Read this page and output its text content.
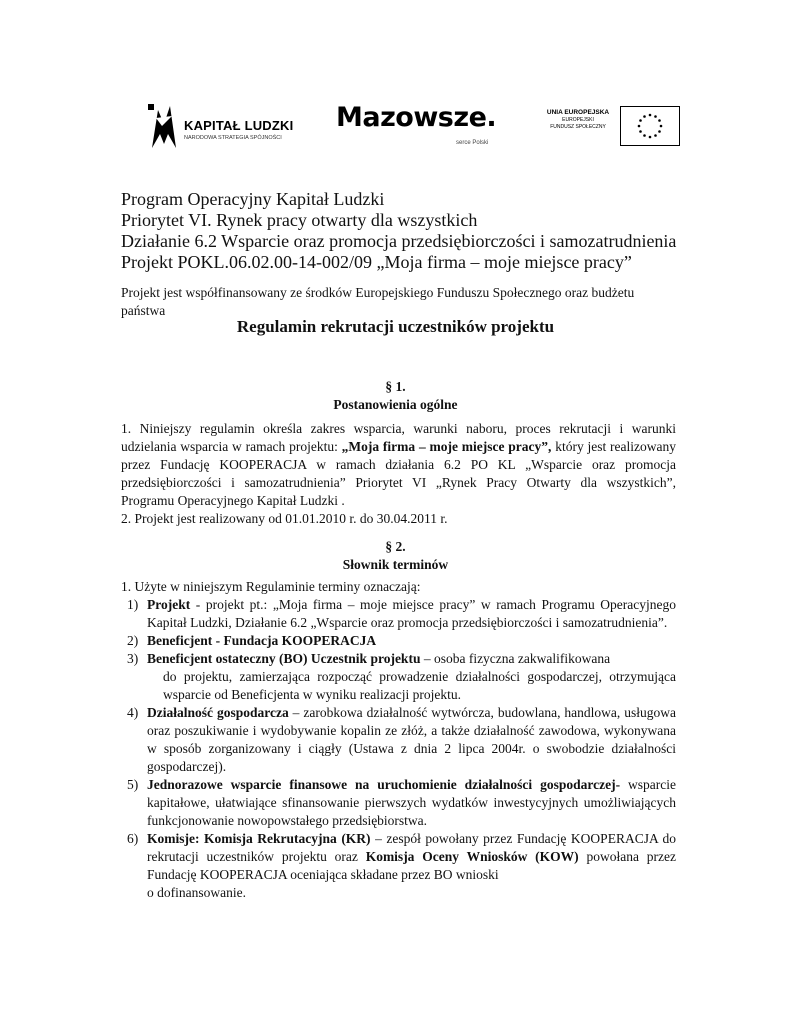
KAPITAŁ LUDZKI
NARODOWA STRATEGIA SPÓJNOŚCI
Mazowsze.
serce Polski
UNIA EUROPEJSKA
EUROPEJSKI
FUNDUSZ SPOŁECZNY
Program Operacyjny Kapitał Ludzki
Priorytet VI. Rynek pracy otwarty dla wszystkich
Działanie 6.2 Wsparcie oraz promocja przedsiębiorczości i samozatrudnienia
Projekt POKL.06.02.00-14-002/09 „Moja firma – moje miejsce pracy”
Projekt jest współfinansowany ze środków Europejskiego Funduszu Społecznego oraz budżetu państwa
Regulamin rekrutacji uczestników projektu
§ 1.
Postanowienia ogólne

1. Niniejszy regulamin określa zakres wsparcia, warunki naboru, proces rekrutacji i warunki udzielania wsparcia w ramach projektu: „Moja firma – moje miejsce pracy”, który jest realizowany przez Fundację KOOPERACJA w ramach działania 6.2 PO KL „Wsparcie oraz promocja przedsiębiorczości i samozatrudnienia” Priorytet VI „Rynek Pracy Otwarty dla wszystkich”, Programu Operacyjnego Kapitał Ludzki .

2. Projekt jest realizowany od 01.01.2010 r. do 30.04.2011 r.

§ 2.
Słownik terminów

1. Użyte w niniejszym Regulaminie terminy oznaczają:

1) Projekt - projekt pt.: „Moja firma – moje miejsce pracy” w ramach Programu Operacyjnego Kapitał Ludzki, Działanie 6.2 „Wsparcie oraz promocja przedsiębiorczości i samozatrudnienia”.
2) Beneficjent - Fundacja KOOPERACJA
3) Beneficjent ostateczny (BO) Uczestnik projektu – osoba fizyczna zakwalifikowana
do projektu, zamierzająca rozpocząć prowadzenie działalności gospodarczej, otrzymująca wsparcie od Beneficjenta w wyniku realizacji projektu.
4) Działalność gospodarcza – zarobkowa działalność wytwórcza, budowlana, handlowa, usługowa oraz poszukiwanie i wydobywanie kopalin ze złóż, a także działalność zawodowa, wykonywana w sposób zorganizowany i ciągły (Ustawa z dnia 2 lipca 2004r. o swobodzie działalności gospodarczej).
5) Jednorazowe wsparcie finansowe na uruchomienie działalności gospodarczej- wsparcie kapitałowe, ułatwiające sfinansowanie pierwszych wydatków inwestycyjnych umożliwiających funkcjonowanie nowopowstałego przedsiębiorstwa.
6) Komisje: Komisja Rekrutacyjna (KR) – zespół powołany przez Fundację KOOPERACJA do rekrutacji uczestników projektu oraz Komisja Oceny Wniosków (KOW) powołana przez Fundację KOOPERACJA oceniająca składane przez BO wnioski
o dofinansowanie.
